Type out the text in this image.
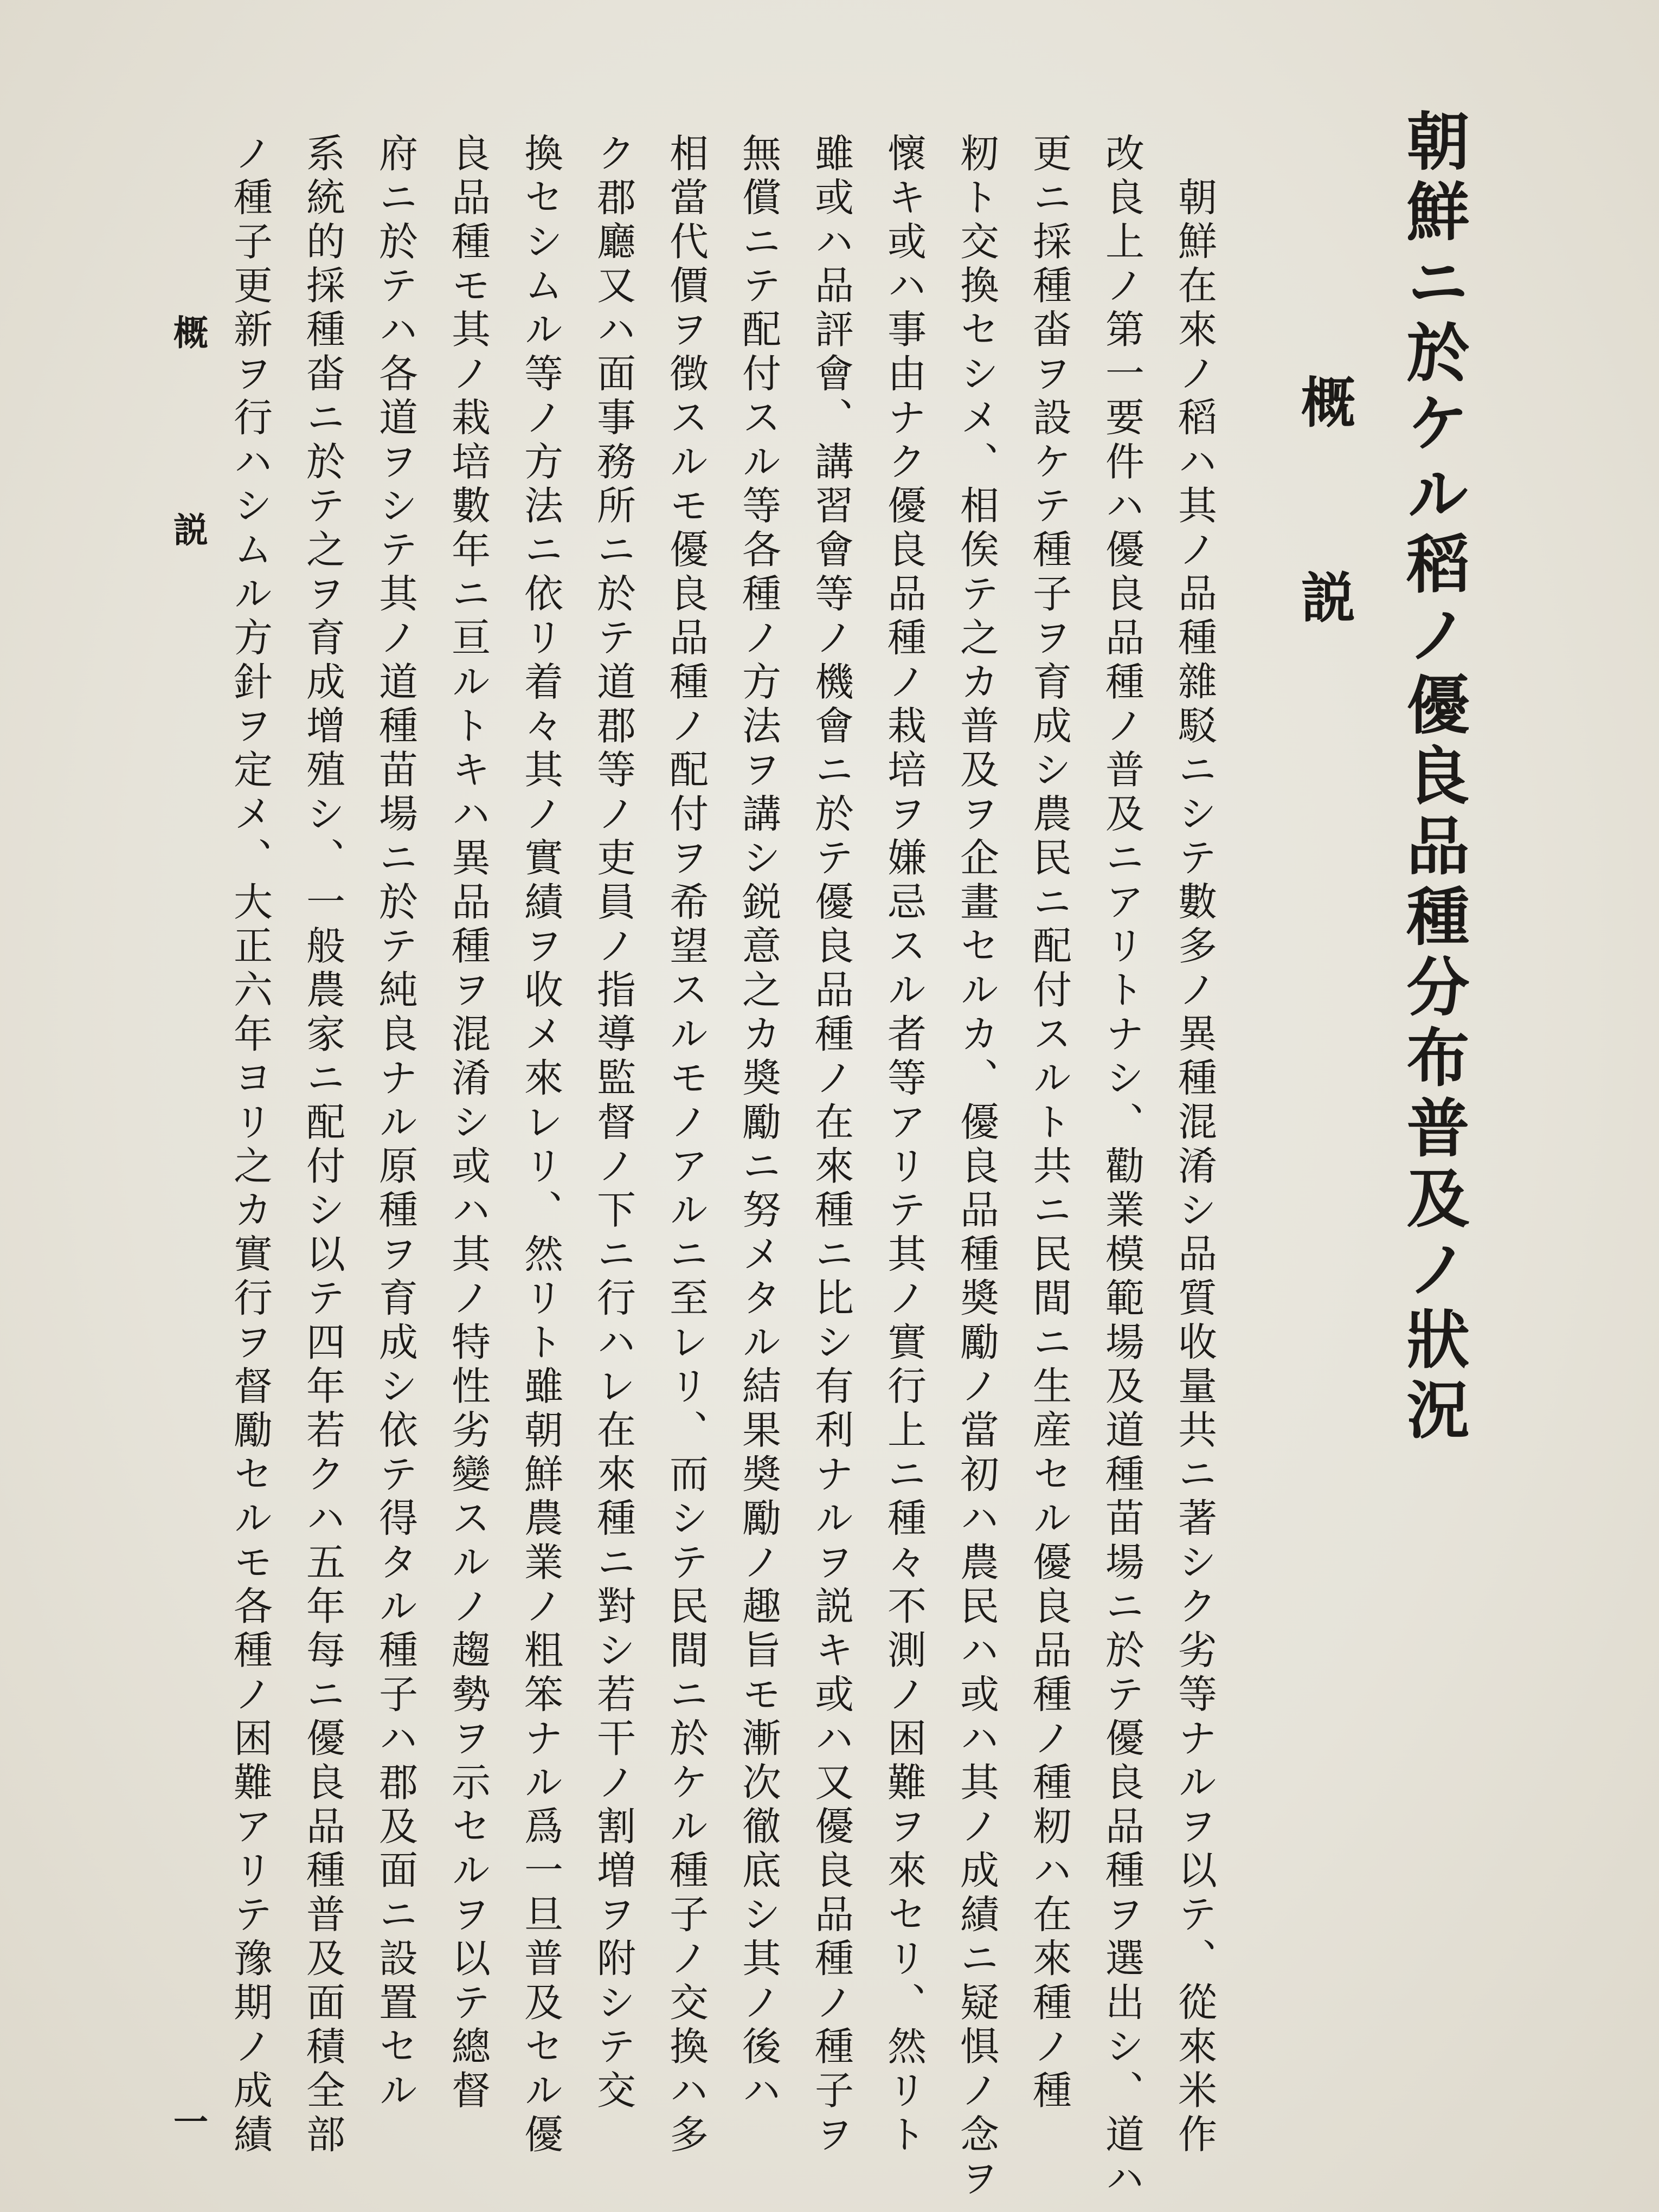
朝鮮ニ於ケル稻ノ優良品種分布普及ノ狀況
概説
朝鮮在來ノ稻ハ其ノ品種雜駁ニシテ數多ノ異種混淆シ品質收量共ニ著シク劣等ナルヲ以テ、從來米作
改良上ノ第一要件ハ優良品種ノ普及ニアリトナシ、勸業模範場及道種苗場ニ於テ優良品種ヲ選出シ、道ハ
更ニ採種畓ヲ設ケテ種子ヲ育成シ農民ニ配付スルト共ニ民間ニ生産セル優良品種ノ種籾ハ在來種ノ種
籾ト交換セシメ、相俟テ之カ普及ヲ企畫セルカ、優良品種奬勵ノ當初ハ農民ハ或ハ其ノ成績ニ疑惧ノ念ヲ
懷キ或ハ事由ナク優良品種ノ栽培ヲ嫌忌スル者等アリテ其ノ實行上ニ種々不測ノ困難ヲ來セリ、然リト
雖或ハ品評會、講習會等ノ機會ニ於テ優良品種ノ在來種ニ比シ有利ナルヲ説キ或ハ又優良品種ノ種子ヲ
無償ニテ配付スル等各種ノ方法ヲ講シ鋭意之カ奬勵ニ努メタル結果奬勵ノ趣旨モ漸次徹底シ其ノ後ハ
相當代價ヲ徴スルモ優良品種ノ配付ヲ希望スルモノアルニ至レリ、而シテ民間ニ於ケル種子ノ交換ハ多
ク郡廳又ハ面事務所ニ於テ道郡等ノ吏員ノ指導監督ノ下ニ行ハレ在來種ニ對シ若干ノ割増ヲ附シテ交
換セシムル等ノ方法ニ依リ着々其ノ實績ヲ收メ來レリ、然リト雖朝鮮農業ノ粗笨ナル爲一旦普及セル優
良品種モ其ノ栽培數年ニ亘ルトキハ異品種ヲ混淆シ或ハ其ノ特性劣變スルノ趨勢ヲ示セルヲ以テ總督
府ニ於テハ各道ヲシテ其ノ道種苗場ニ於テ純良ナル原種ヲ育成シ依テ得タル種子ハ郡及面ニ設置セル
系統的採種畓ニ於テ之ヲ育成增殖シ、一般農家ニ配付シ以テ四年若クハ五年每ニ優良品種普及面積全部
ノ種子更新ヲ行ハシムル方針ヲ定メ、大正六年ヨリ之カ實行ヲ督勵セルモ各種ノ困難アリテ豫期ノ成績
概説
一
